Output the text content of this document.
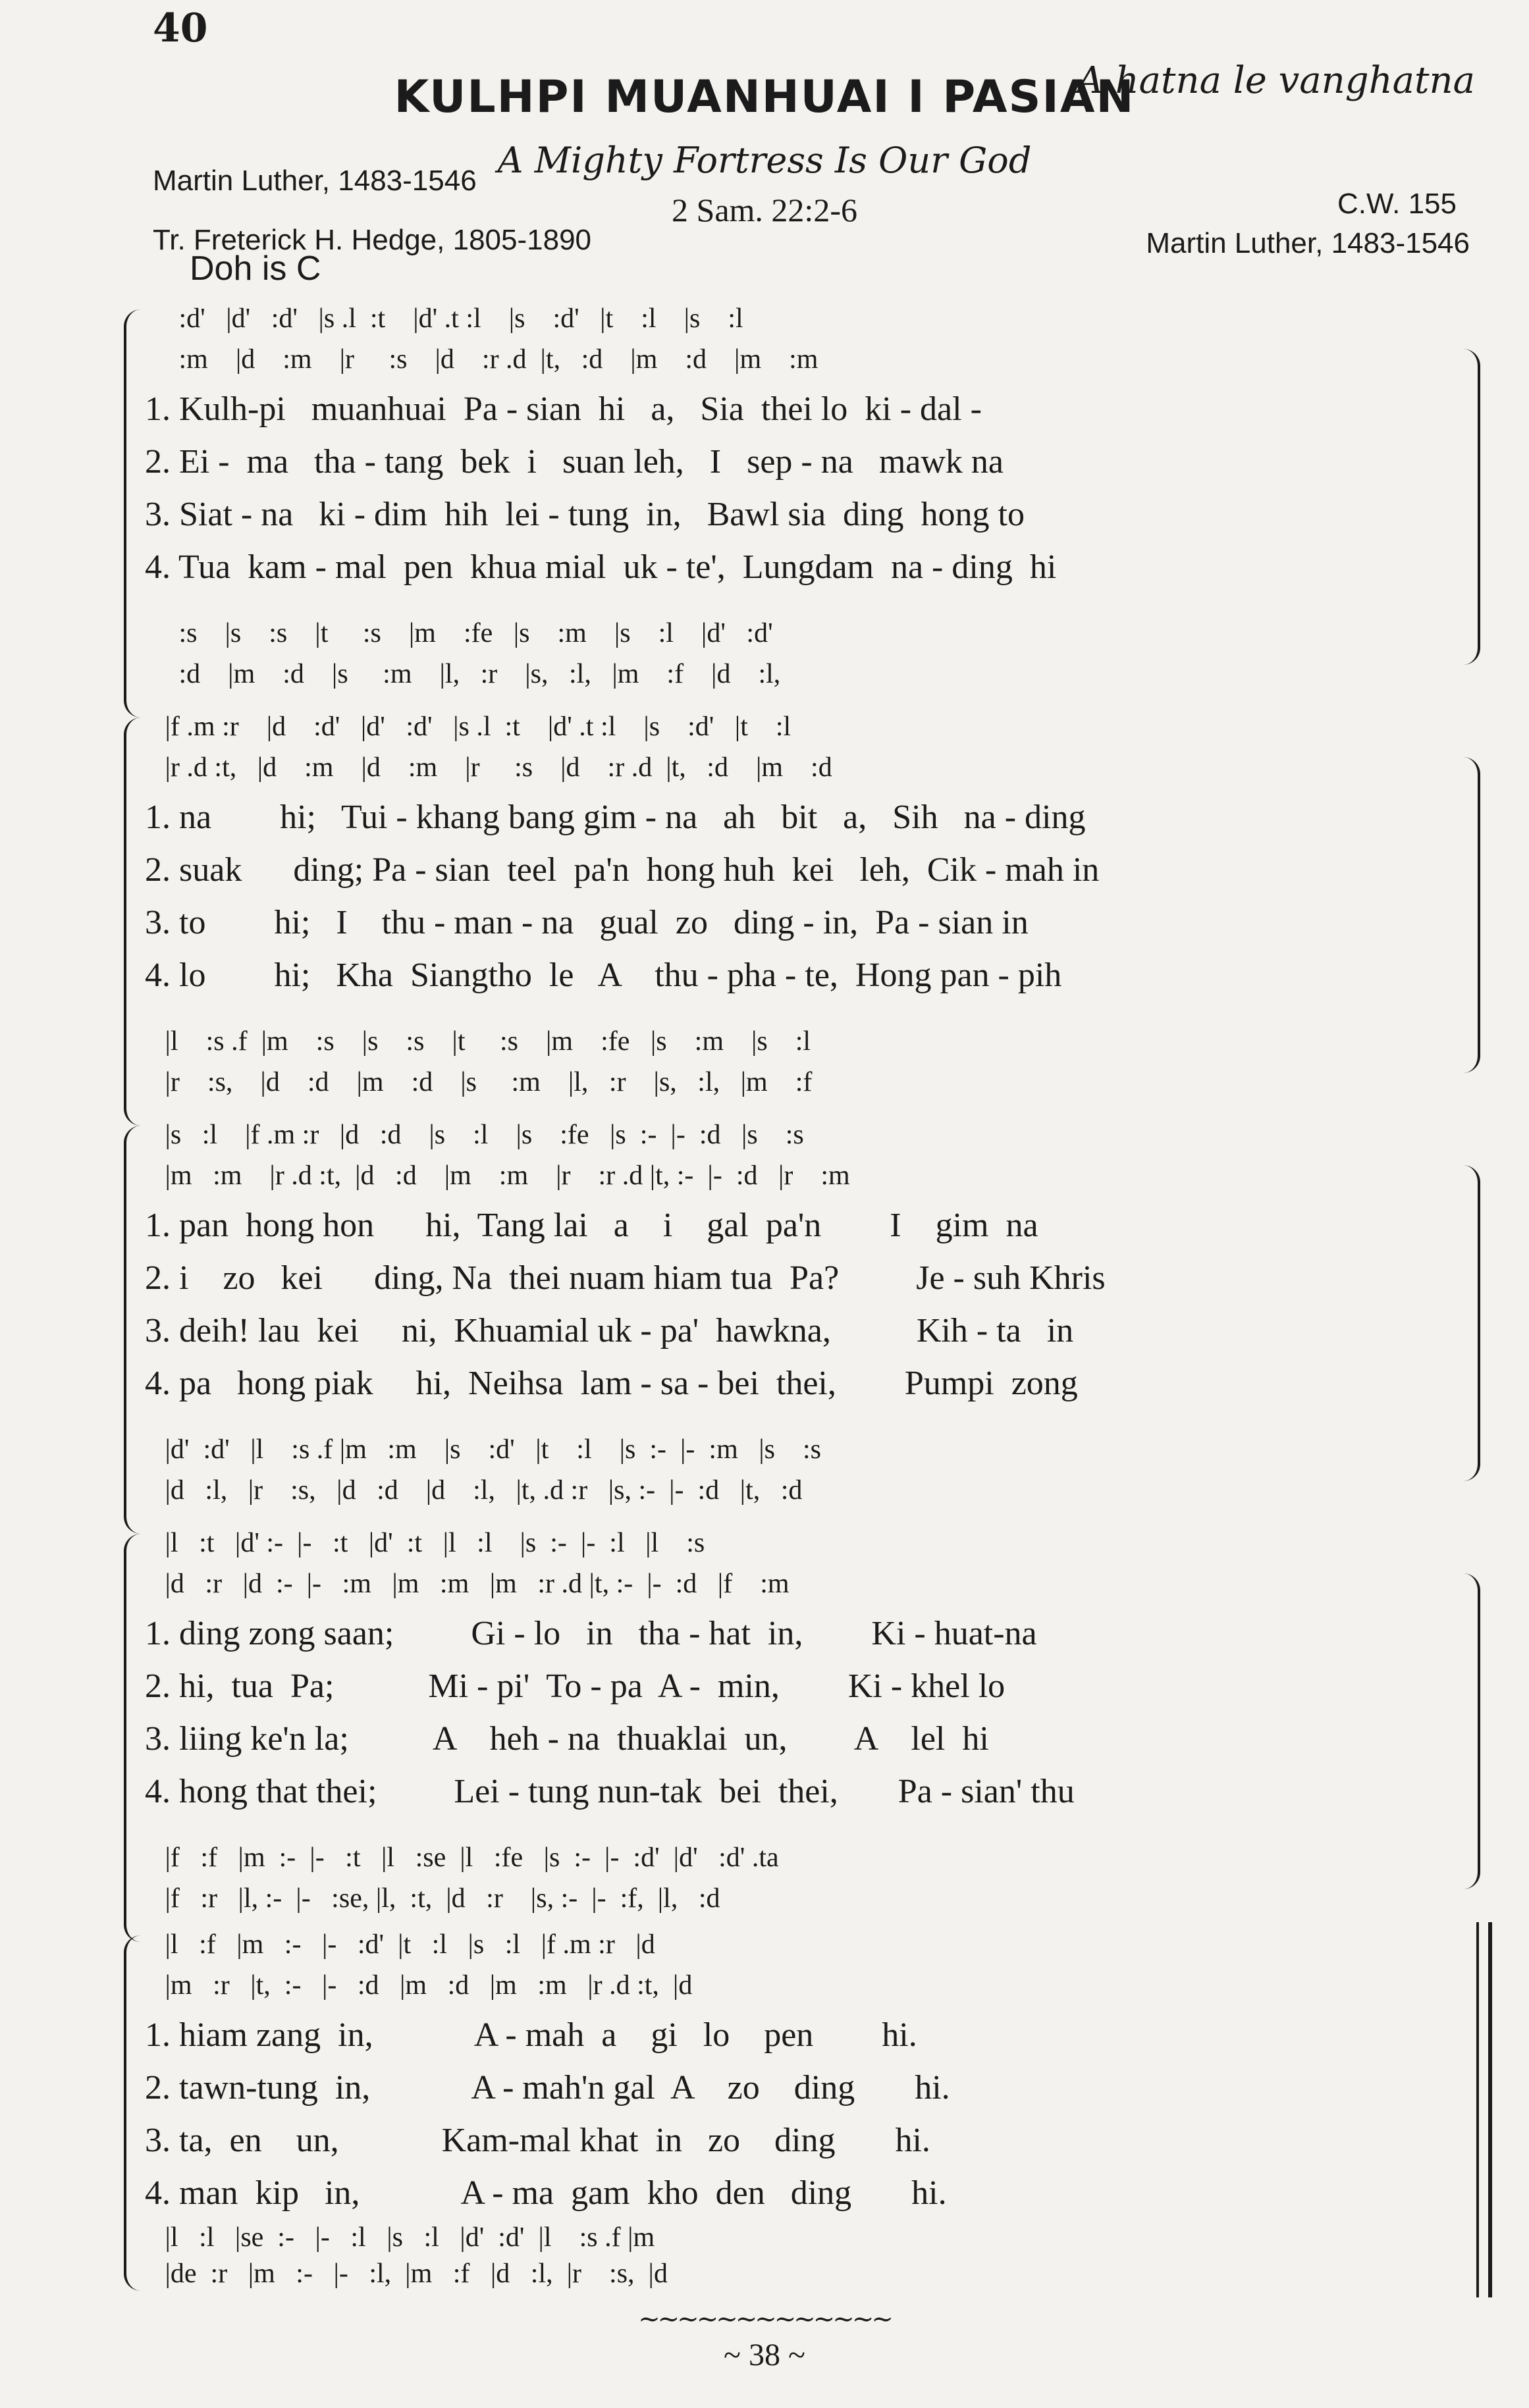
40
A hatna le vanghatna
KULHPI MUANHUAI I PASIAN
A Mighty Fortress Is Our God
Martin Luther, 1483-1546
2 Sam. 22:2-6	C.W. 155
Tr. Freterick H. Hedge, 1805-1890	Martin Luther, 1483-1546
Doh is C
:d'   |d'   :d'   |s .l  :t    |d' .t :l    |s    :d'   |t    :l    |s    :l
:m    |d    :m    |r     :s    |d    :r .d  |t,   :d    |m    :d    |m    :m
1. Kulh-pi   muanhuai  Pa - sian  hi   a,   Sia  thei lo  ki - dal -
2. Ei -  ma   tha - tang  bek  i   suan leh,   I   sep - na   mawk na
3. Siat - na   ki - dim  hih  lei - tung  in,   Bawl sia  ding  hong to
4. Tua  kam - mal  pen  khua mial  uk - te',  Lungdam  na - ding  hi
:s    |s    :s    |t     :s    |m    :fe   |s    :m    |s    :l    |d'   :d'
:d    |m    :d    |s     :m    |l,   :r    |s,   :l,   |m    :f    |d    :l,
|f .m :r    |d    :d'   |d'   :d'   |s .l  :t    |d' .t :l    |s    :d'   |t    :l
|r .d :t,   |d    :m    |d    :m    |r     :s    |d    :r .d  |t,   :d    |m    :d
1. na        hi;   Tui - khang bang gim - na   ah   bit   a,   Sih   na - ding
2. suak      ding; Pa - sian  teel  pa'n  hong huh  kei   leh,  Cik - mah in
3. to        hi;   I    thu - man - na   gual  zo   ding - in,  Pa - sian in
4. lo        hi;   Kha  Siangtho  le   A    thu - pha - te,  Hong pan - pih
|l    :s .f  |m    :s    |s    :s    |t     :s    |m    :fe   |s    :m    |s    :l
|r    :s,    |d    :d    |m    :d    |s     :m    |l,   :r    |s,   :l,   |m    :f
|s   :l    |f .m :r   |d   :d    |s    :l    |s    :fe   |s  :-  |-  :d   |s    :s
|m   :m    |r .d :t,  |d   :d    |m    :m    |r    :r .d |t, :-  |-  :d   |r    :m
1. pan  hong hon      hi,  Tang lai   a    i    gal  pa'n        I    gim  na
2. i    zo   kei      ding, Na  thei nuam hiam tua  Pa?         Je - suh Khris
3. deih! lau  kei     ni,  Khuamial uk - pa'  hawkna,          Kih - ta   in
4. pa   hong piak     hi,  Neihsa  lam - sa - bei  thei,        Pumpi  zong
|d'  :d'   |l    :s .f |m   :m    |s    :d'   |t    :l    |s  :-  |-  :m   |s    :s
|d   :l,   |r    :s,   |d   :d    |d    :l,   |t, .d :r   |s, :-  |-  :d   |t,   :d
|l   :t   |d' :-  |-   :t   |d'  :t   |l   :l    |s  :-  |-  :l   |l    :s
|d   :r   |d  :-  |-   :m   |m   :m   |m   :r .d |t, :-  |-  :d   |f    :m
1. ding zong saan;         Gi - lo   in   tha - hat  in,        Ki - huat-na
2. hi,  tua  Pa;           Mi - pi'  To - pa  A -  min,        Ki - khel lo
3. liing ke'n la;          A    heh - na  thuaklai  un,        A    lel  hi
4. hong that thei;         Lei - tung nun-tak  bei  thei,       Pa - sian' thu
|f   :f   |m  :-  |-   :t   |l   :se  |l   :fe   |s  :-  |-  :d'  |d'   :d' .ta
|f   :r   |l, :-  |-   :se, |l,  :t,  |d   :r    |s, :-  |-  :f,  |l,   :d
|l   :f   |m   :-   |-   :d'  |t   :l   |s   :l   |f .m :r   |d
|m   :r   |t,  :-   |-   :d   |m   :d   |m   :m   |r .d :t,  |d
1. hiam zang  in,            A - mah  a    gi   lo    pen        hi.
2. tawn-tung  in,            A - mah'n gal  A    zo    ding       hi.
3. ta,  en    un,            Kam-mal khat  in   zo    ding       hi.
4. man  kip   in,            A - ma  gam  kho  den   ding       hi.
|l   :l   |se  :-   |-   :l   |s   :l   |d'  :d'  |l    :s .f |m
|de  :r   |m   :-   |-   :l,  |m   :f   |d   :l,  |r    :s,  |d
~~~~~~~~~~~~~
~ 38 ~
